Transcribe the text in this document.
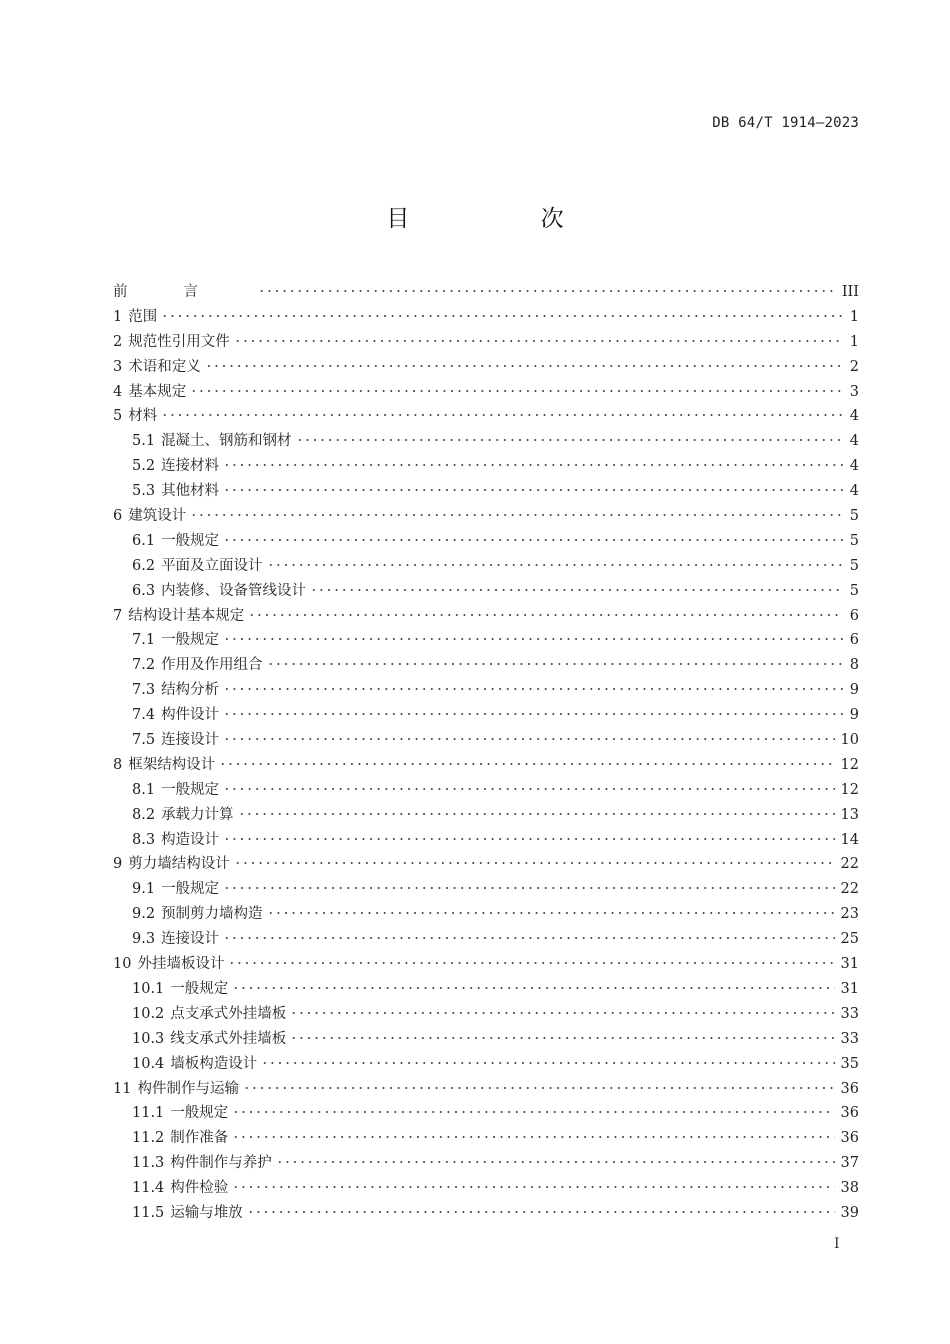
DB 64/T 1914—2023
目 次
前言	III
1 范围	1
2 规范性引用文件	1
3 术语和定义	2
4 基本规定	3
5 材料	4
5.1 混凝土、钢筋和钢材	4
5.2 连接材料	4
5.3 其他材料	4
6 建筑设计	5
6.1 一般规定	5
6.2 平面及立面设计	5
6.3 内装修、设备管线设计	5
7 结构设计基本规定	6
7.1 一般规定	6
7.2 作用及作用组合	8
7.3 结构分析	9
7.4 构件设计	9
7.5 连接设计	10
8 框架结构设计	12
8.1 一般规定	12
8.2 承载力计算	13
8.3 构造设计	14
9 剪力墙结构设计	22
9.1 一般规定	22
9.2 预制剪力墙构造	23
9.3 连接设计	25
10 外挂墙板设计	31
10.1 一般规定	31
10.2 点支承式外挂墙板	33
10.3 线支承式外挂墙板	33
10.4 墙板构造设计	35
11 构件制作与运输	36
11.1 一般规定	36
11.2 制作准备	36
11.3 构件制作与养护	37
11.4 构件检验	38
11.5 运输与堆放	39
I
